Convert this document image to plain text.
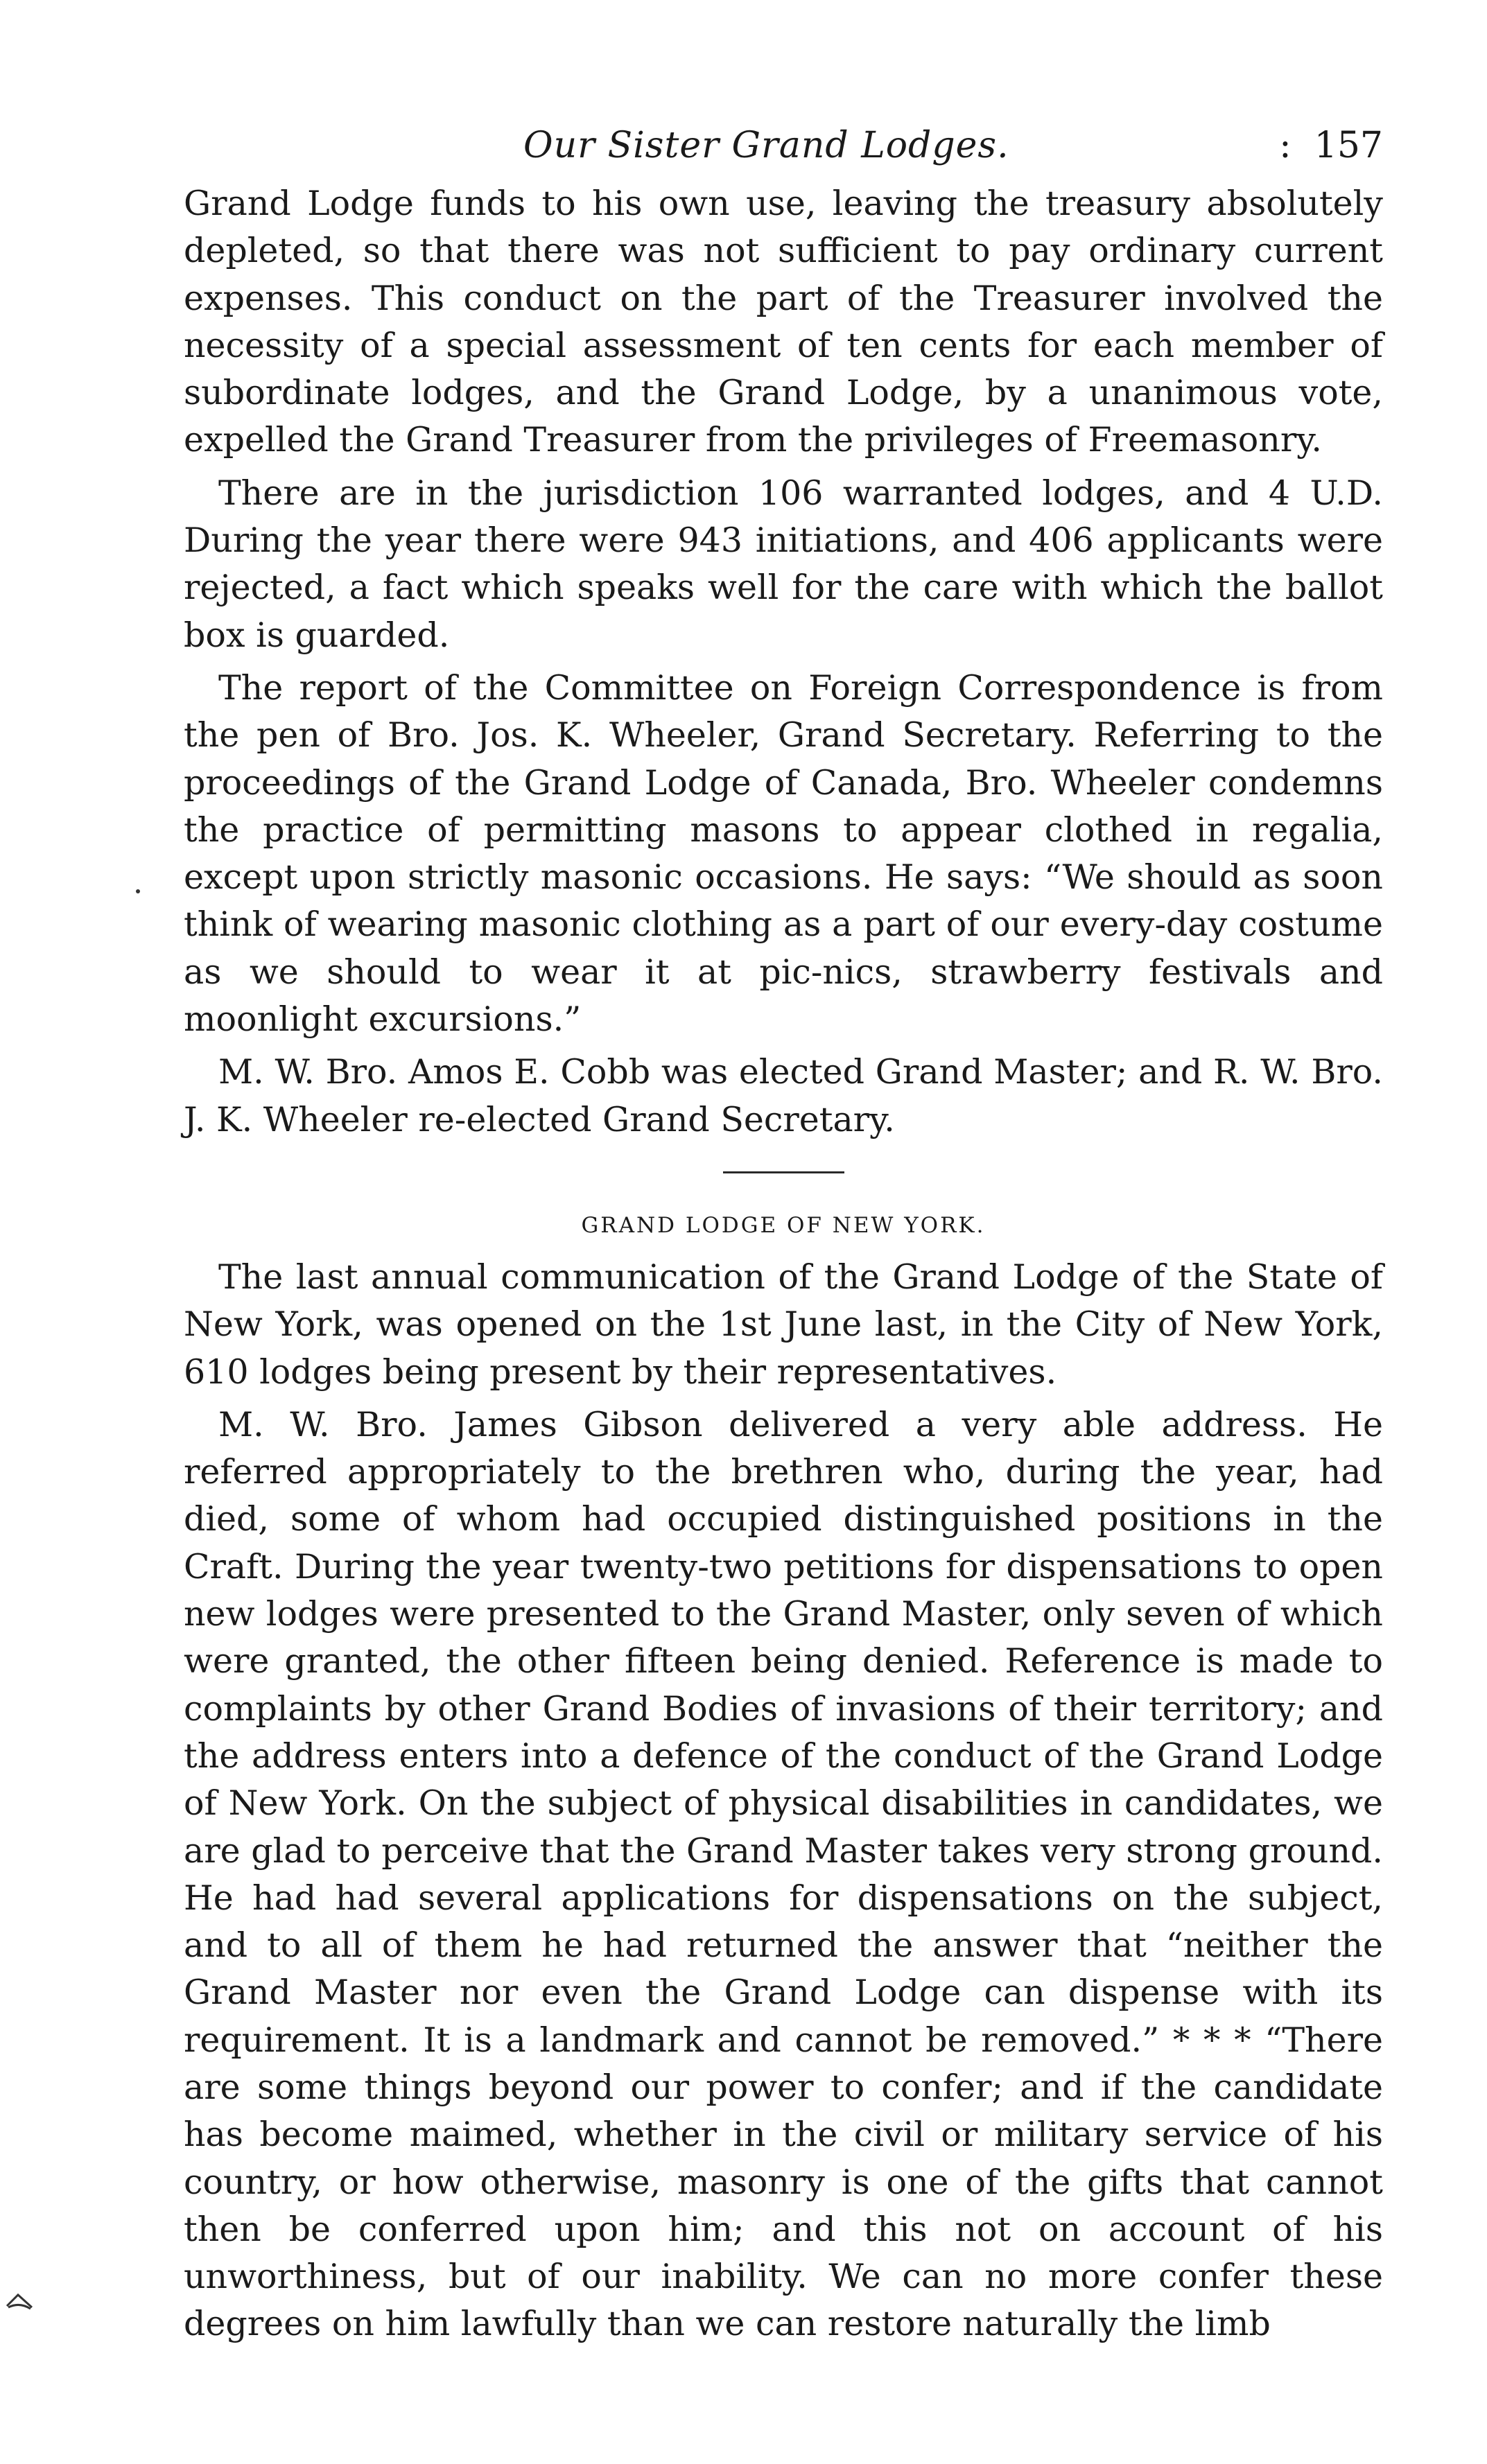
Our Sister Grand Lodges.	: 157

Grand Lodge funds to his own use, leaving the treasury absolutely depleted, so that there was not sufficient to pay ordinary current expenses. This conduct on the part of the Treasurer involved the necessity of a special assessment of ten cents for each member of subordinate lodges, and the Grand Lodge, by a unanimous vote, expelled the Grand Treasurer from the privileges of Freemasonry.

There are in the jurisdiction 106 warranted lodges, and 4 U.D. During the year there were 943 initiations, and 406 applicants were rejected, a fact which speaks well for the care with which the ballot box is guarded.

The report of the Committee on Foreign Correspondence is from the pen of Bro. Jos. K. Wheeler, Grand Secretary. Referring to the proceedings of the Grand Lodge of Canada, Bro. Wheeler condemns the practice of permitting masons to appear clothed in regalia, except upon strictly masonic occasions. He says: “We should as soon think of wearing masonic clothing as a part of our every-day costume as we should to wear it at pic-nics, strawberry festivals and moonlight excursions.”

M. W. Bro. Amos E. Cobb was elected Grand Master; and R. W. Bro. J. K. Wheeler re-elected Grand Secretary.

GRAND LODGE OF NEW YORK.

The last annual communication of the Grand Lodge of the State of New York, was opened on the 1st June last, in the City of New York, 610 lodges being present by their representatives.

M. W. Bro. James Gibson delivered a very able address. He referred appropriately to the brethren who, during the year, had died, some of whom had occupied distinguished positions in the Craft. During the year twenty-two petitions for dispensations to open new lodges were presented to the Grand Master, only seven of which were granted, the other fifteen being denied. Reference is made to complaints by other Grand Bodies of invasions of their territory; and the address enters into a defence of the conduct of the Grand Lodge of New York. On the subject of physical disabilities in candidates, we are glad to perceive that the Grand Master takes very strong ground. He had had several applications for dispensations on the subject, and to all of them he had returned the answer that “neither the Grand Master nor even the Grand Lodge can dispense with its requirement. It is a landmark and cannot be removed.” * * * “There are some things beyond our power to confer; and if the candidate has become maimed, whether in the civil or military service of his country, or how otherwise, masonry is one of the gifts that cannot then be conferred upon him; and this not on account of his unworthiness, but of our inability. We can no more confer these degrees on him lawfully than we can restore naturally the limb
